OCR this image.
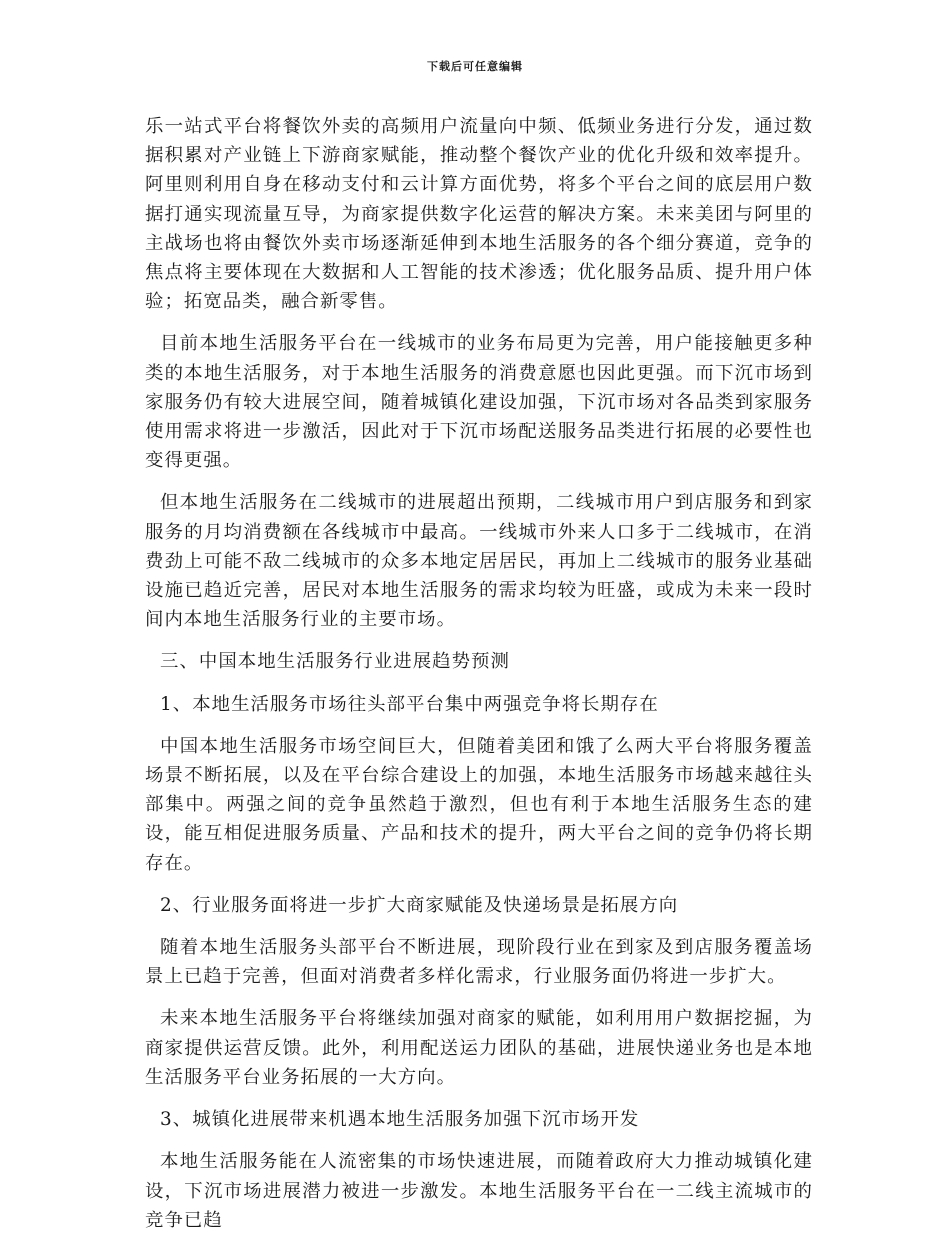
下载后可任意编辑

乐一站式平台将餐饮外卖的高频用户流量向中频、低频业务进行分发，通过数据积累对产业链上下游商家赋能，推动整个餐饮产业的优化升级和效率提升。阿里则利用自身在移动支付和云计算方面优势，将多个平台之间的底层用户数据打通实现流量互导，为商家提供数字化运营的解决方案。未来美团与阿里的主战场也将由餐饮外卖市场逐渐延伸到本地生活服务的各个细分赛道，竞争的焦点将主要体现在大数据和人工智能的技术渗透；优化服务品质、提升用户体验；拓宽品类，融合新零售。

目前本地生活服务平台在一线城市的业务布局更为完善，用户能接触更多种类的本地生活服务，对于本地生活服务的消费意愿也因此更强。而下沉市场到家服务仍有较大进展空间，随着城镇化建设加强，下沉市场对各品类到家服务使用需求将进一步激活，因此对于下沉市场配送服务品类进行拓展的必要性也变得更强。

但本地生活服务在二线城市的进展超出预期，二线城市用户到店服务和到家服务的月均消费额在各线城市中最高。一线城市外来人口多于二线城市，在消费劲上可能不敌二线城市的众多本地定居居民，再加上二线城市的服务业基础设施已趋近完善，居民对本地生活服务的需求均较为旺盛，或成为未来一段时间内本地生活服务行业的主要市场。

三、中国本地生活服务行业进展趋势预测

1、本地生活服务市场往头部平台集中两强竞争将长期存在

中国本地生活服务市场空间巨大，但随着美团和饿了么两大平台将服务覆盖场景不断拓展，以及在平台综合建设上的加强，本地生活服务市场越来越往头部集中。两强之间的竞争虽然趋于激烈，但也有利于本地生活服务生态的建设，能互相促进服务质量、产品和技术的提升，两大平台之间的竞争仍将长期存在。

2、行业服务面将进一步扩大商家赋能及快递场景是拓展方向

随着本地生活服务头部平台不断进展，现阶段行业在到家及到店服务覆盖场景上已趋于完善，但面对消费者多样化需求，行业服务面仍将进一步扩大。

未来本地生活服务平台将继续加强对商家的赋能，如利用用户数据挖掘，为商家提供运营反馈。此外，利用配送运力团队的基础，进展快递业务也是本地生活服务平台业务拓展的一大方向。

3、城镇化进展带来机遇本地生活服务加强下沉市场开发

本地生活服务能在人流密集的市场快速进展，而随着政府大力推动城镇化建设，下沉市场进展潜力被进一步激发。本地生活服务平台在一二线主流城市的竞争已趋
